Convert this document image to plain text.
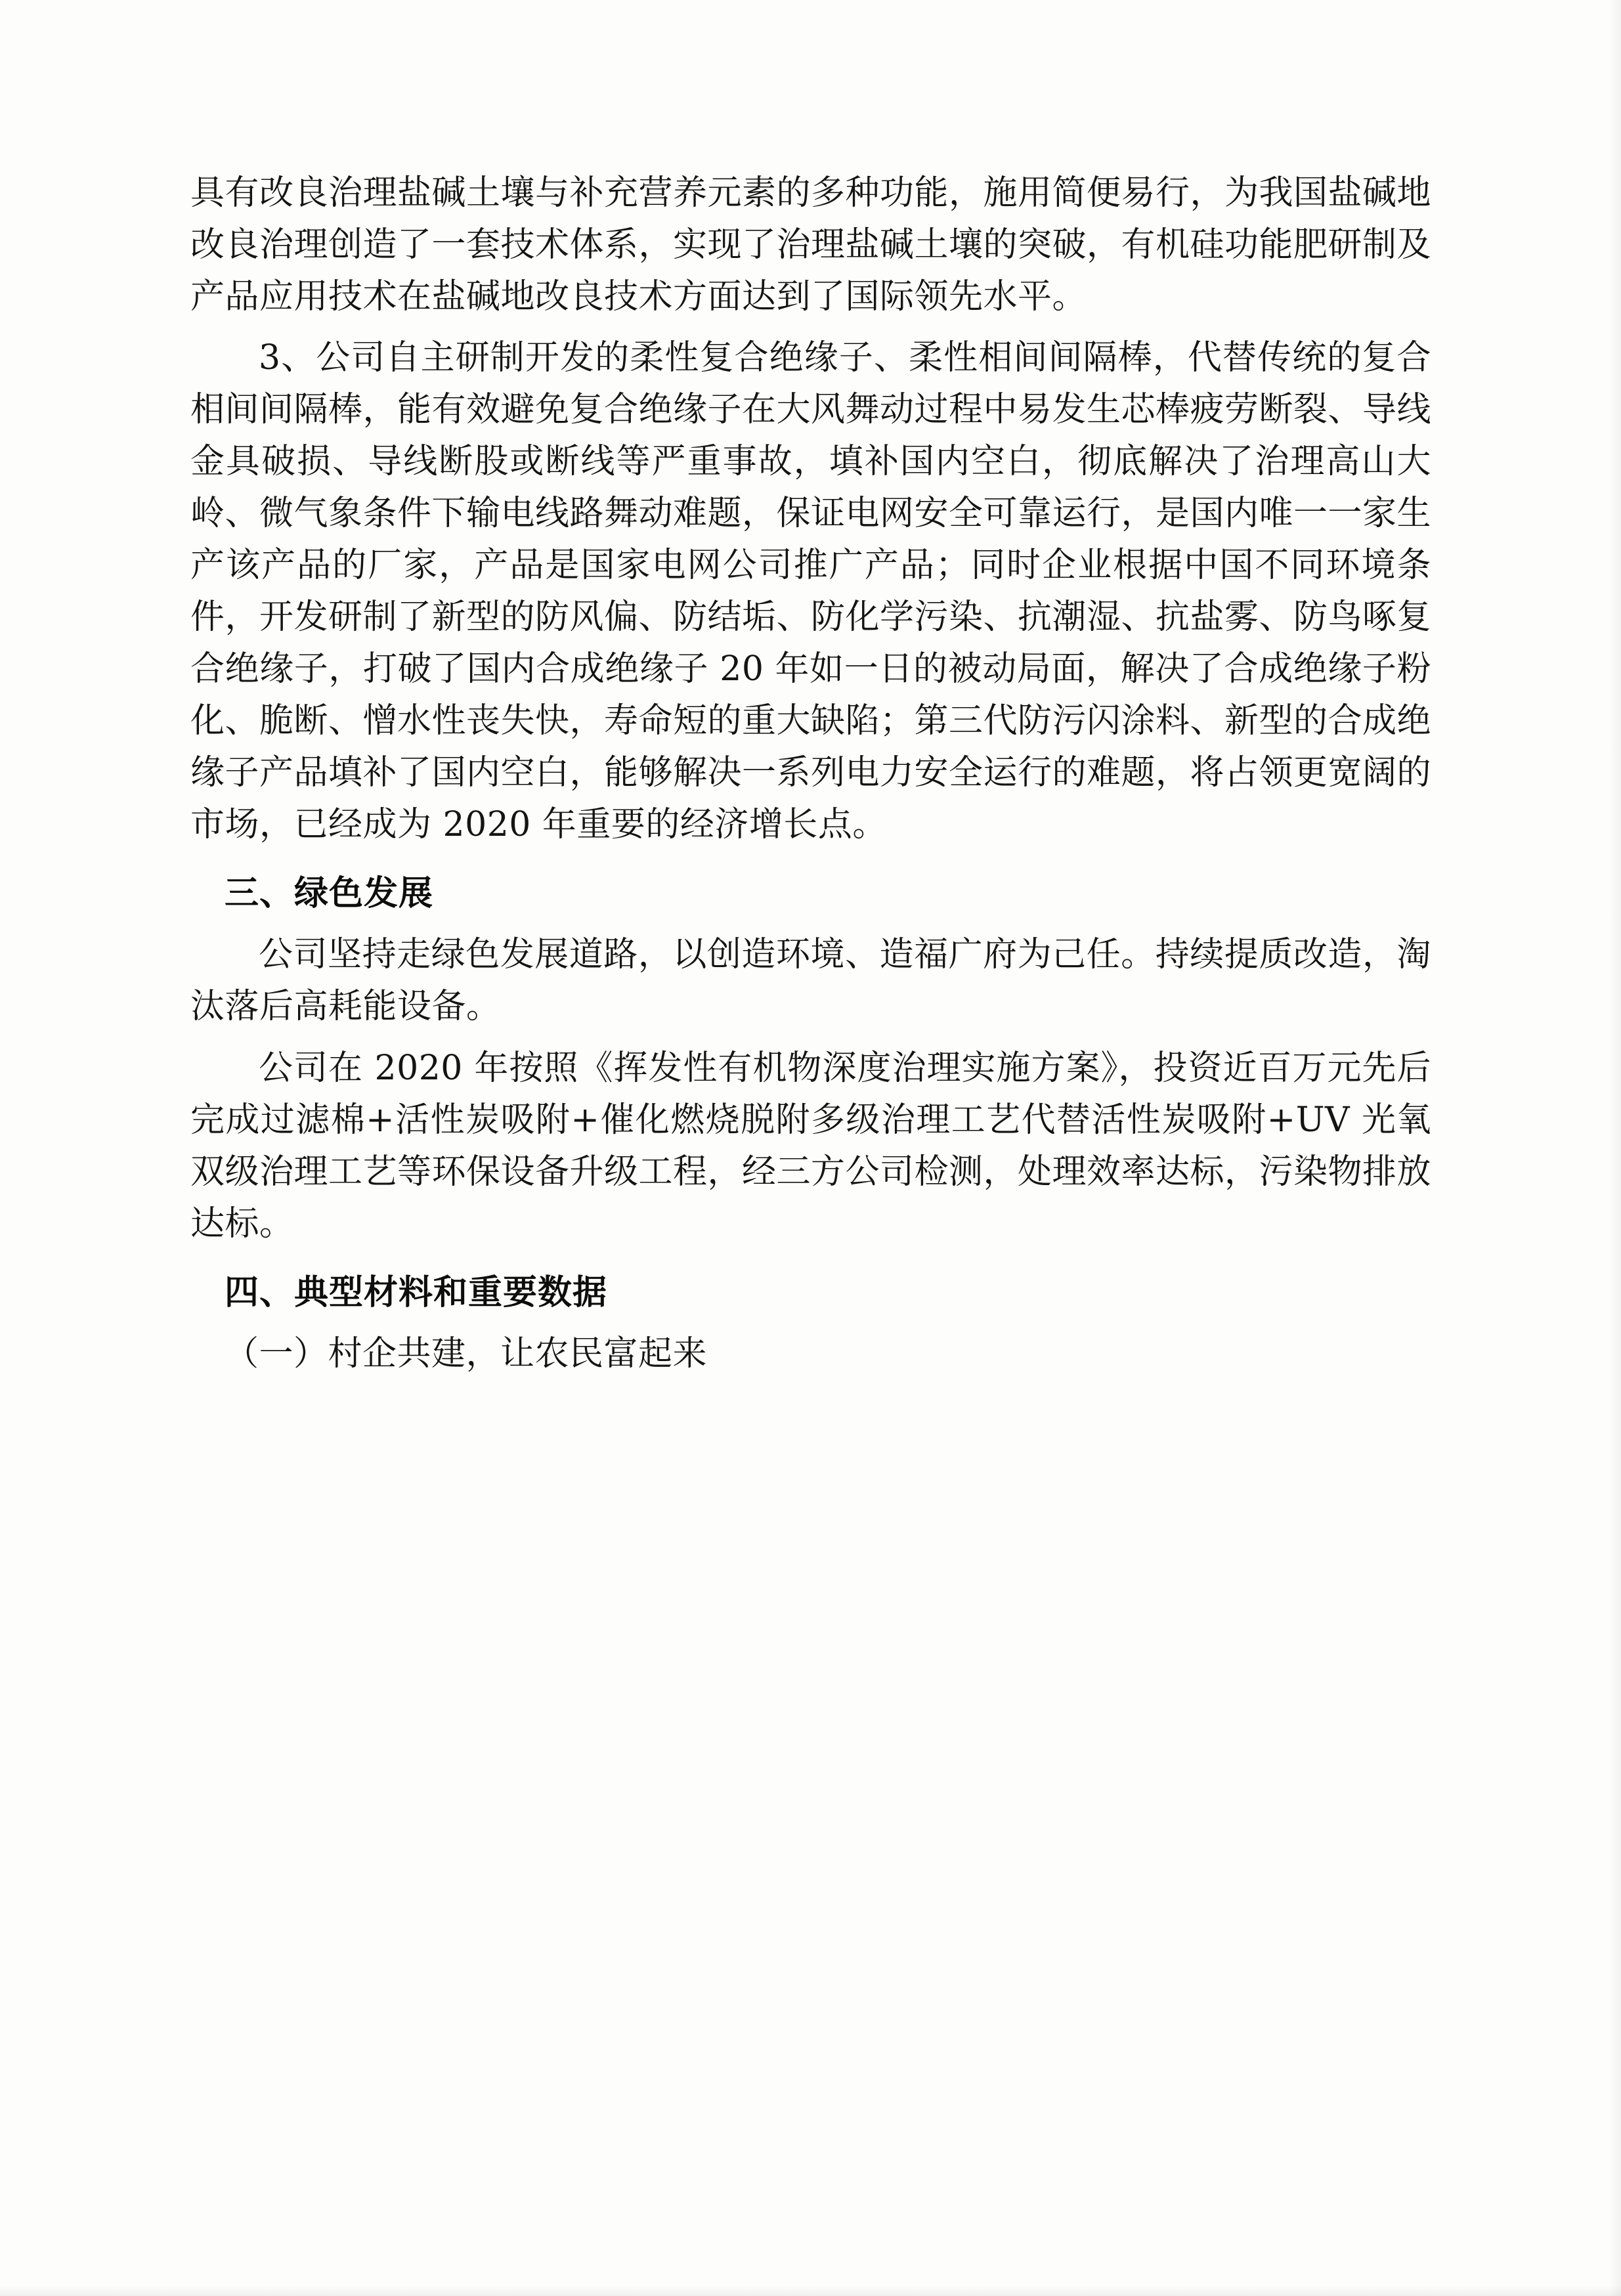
具有改良治理盐碱土壤与补充营养元素的多种功能，施用简便易行，为我国盐碱地改良治理创造了一套技术体系，实现了治理盐碱土壤的突破，有机硅功能肥研制及产品应用技术在盐碱地改良技术方面达到了国际领先水平。

3、公司自主研制开发的柔性复合绝缘子、柔性相间间隔棒，代替传统的复合相间间隔棒，能有效避免复合绝缘子在大风舞动过程中易发生芯棒疲劳断裂、导线金具破损、导线断股或断线等严重事故，填补国内空白，彻底解决了治理高山大岭、微气象条件下输电线路舞动难题，保证电网安全可靠运行，是国内唯一一家生产该产品的厂家，产品是国家电网公司推广产品；同时企业根据中国不同环境条件，开发研制了新型的防风偏、防结垢、防化学污染、抗潮湿、抗盐雾、防鸟啄复合绝缘子，打破了国内合成绝缘子 20 年如一日的被动局面，解决了合成绝缘子粉化、脆断、憎水性丧失快，寿命短的重大缺陷；第三代防污闪涂料、新型的合成绝缘子产品填补了国内空白，能够解决一系列电力安全运行的难题，将占领更宽阔的市场，已经成为 2020 年重要的经济增长点。

三、绿色发展

公司坚持走绿色发展道路，以创造环境、造福广府为己任。持续提质改造，淘汰落后高耗能设备。

公司在 2020 年按照《挥发性有机物深度治理实施方案》，投资近百万元先后完成过滤棉+活性炭吸附+催化燃烧脱附多级治理工艺代替活性炭吸附+UV 光氧双级治理工艺等环保设备升级工程，经三方公司检测，处理效率达标，污染物排放达标。

四、典型材料和重要数据

（一）村企共建，让农民富起来
